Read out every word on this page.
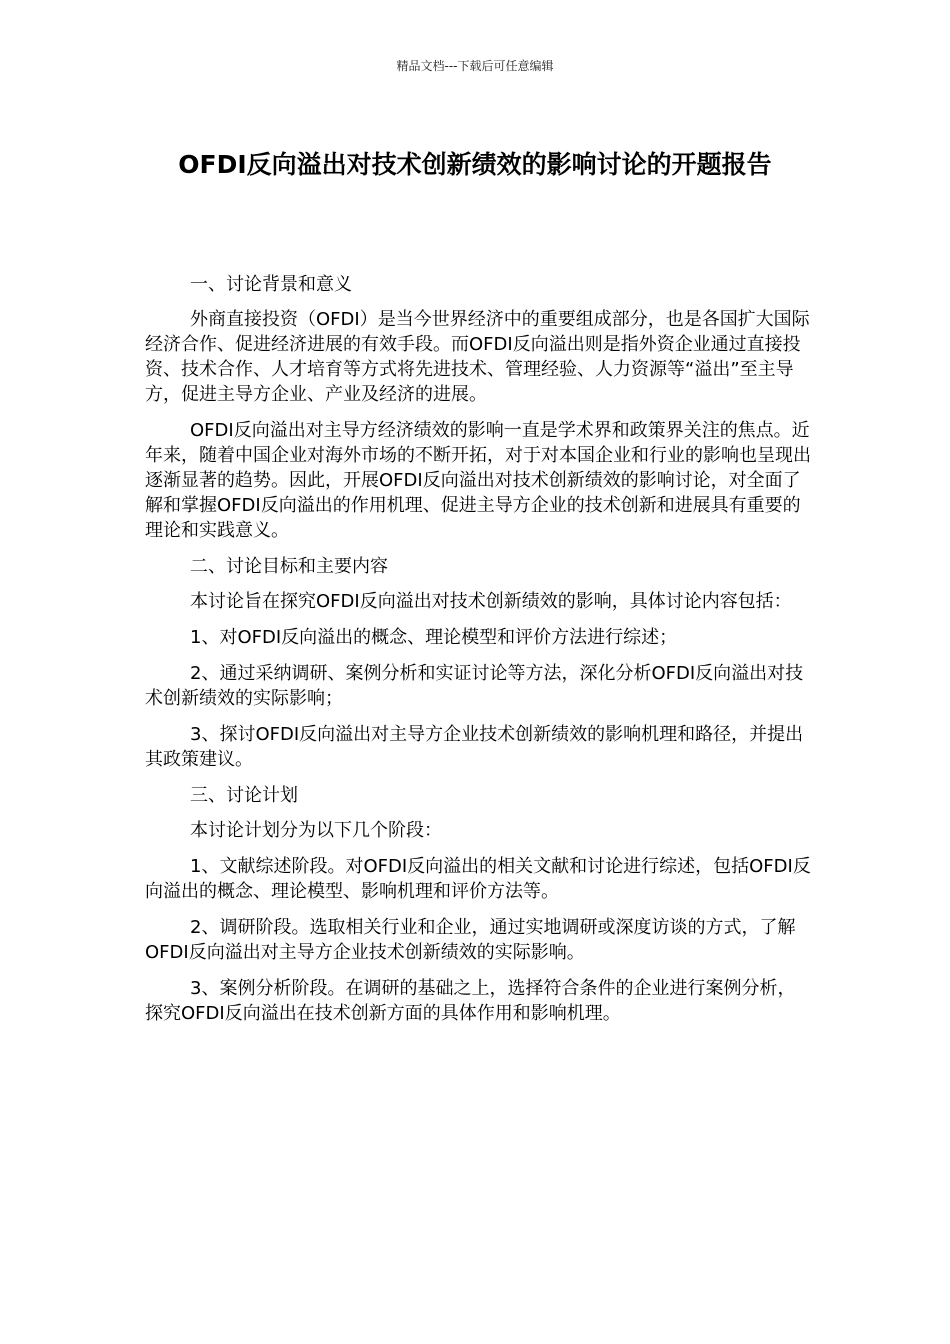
精品文档---下载后可任意编辑
OFDI反向溢出对技术创新绩效的影响讨论的开题报告

一、讨论背景和意义

外商直接投资（OFDI）是当今世界经济中的重要组成部分，也是各国扩大国际经济合作、促进经济进展的有效手段。而OFDI反向溢出则是指外资企业通过直接投资、技术合作、人才培育等方式将先进技术、管理经验、人力资源等“溢出”至主导方，促进主导方企业、产业及经济的进展。

OFDI反向溢出对主导方经济绩效的影响一直是学术界和政策界关注的焦点。近年来，随着中国企业对海外市场的不断开拓，对于对本国企业和行业的影响也呈现出逐渐显著的趋势。因此，开展OFDI反向溢出对技术创新绩效的影响讨论，对全面了解和掌握OFDI反向溢出的作用机理、促进主导方企业的技术创新和进展具有重要的理论和实践意义。

二、讨论目标和主要内容

本讨论旨在探究OFDI反向溢出对技术创新绩效的影响，具体讨论内容包括：

1、对OFDI反向溢出的概念、理论模型和评价方法进行综述；

2、通过采纳调研、案例分析和实证讨论等方法，深化分析OFDI反向溢出对技术创新绩效的实际影响；

3、探讨OFDI反向溢出对主导方企业技术创新绩效的影响机理和路径，并提出其政策建议。

三、讨论计划

本讨论计划分为以下几个阶段：

1、文献综述阶段。对OFDI反向溢出的相关文献和讨论进行综述，包括OFDI反向溢出的概念、理论模型、影响机理和评价方法等。

2、调研阶段。选取相关行业和企业，通过实地调研或深度访谈的方式，了解OFDI反向溢出对主导方企业技术创新绩效的实际影响。

3、案例分析阶段。在调研的基础之上，选择符合条件的企业进行案例分析，探究OFDI反向溢出在技术创新方面的具体作用和影响机理。
